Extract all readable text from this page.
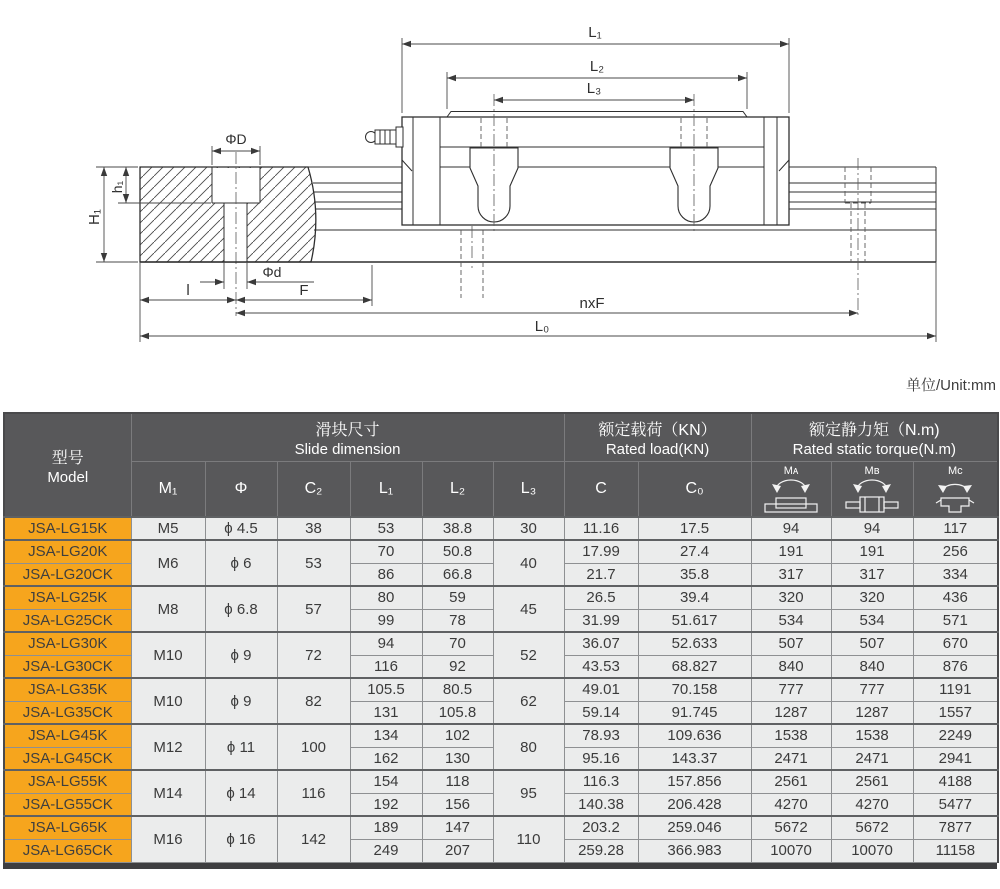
L₁
L₂
L₃
ΦD
Φd
H₁
h₁
l	F
nxF
L₀
单位/Unit:mm
型号
Model

滑块尺寸
Slide dimension

额定载荷（KN）
Rated load(KN)

额定静力矩（N.m)
Rated static torque(N.m)

	M₁	Φ	C₂	L₁	L₂	L₃	C	C₀	Mᴀ	Mʙ	Mᴄ

JSA-LG15K	M5	ϕ 4.5	38	53	38.8	30	11.16	17.5	94	94	117
JSA-LG20K	M6	ϕ 6	53	70	50.8	40	17.99	27.4	191	191	256
JSA-LG20CK				86	66.8		21.7	35.8	317	317	334
JSA-LG25K	M8	ϕ 6.8	57	80	59	45	26.5	39.4	320	320	436
JSA-LG25CK				99	78		31.99	51.617	534	534	571
JSA-LG30K	M10	ϕ 9	72	94	70	52	36.07	52.633	507	507	670
JSA-LG30CK				116	92		43.53	68.827	840	840	876
JSA-LG35K	M10	ϕ 9	82	105.5	80.5	62	49.01	70.158	777	777	1191
JSA-LG35CK				131	105.8		59.14	91.745	1287	1287	1557
JSA-LG45K	M12	ϕ 11	100	134	102	80	78.93	109.636	1538	1538	2249
JSA-LG45CK				162	130		95.16	143.37	2471	2471	2941
JSA-LG55K	M14	ϕ 14	116	154	118	95	116.3	157.856	2561	2561	4188
JSA-LG55CK				192	156		140.38	206.428	4270	4270	5477
JSA-LG65K	M16	ϕ 16	142	189	147	110	203.2	259.046	5672	5672	7877
JSA-LG65CK				249	207		259.28	366.983	10070	10070	11158
